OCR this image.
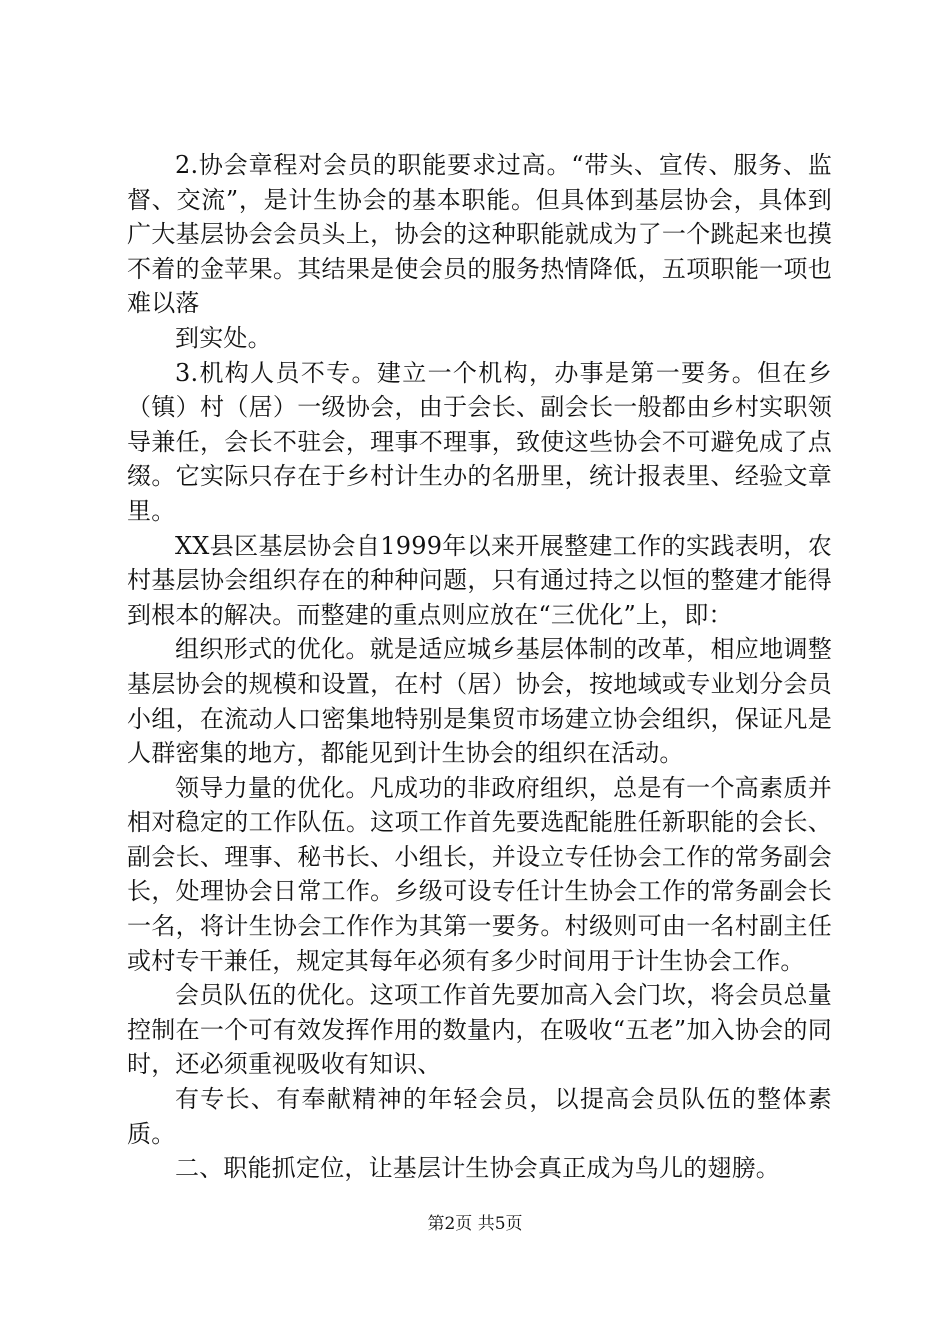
2.协会章程对会员的职能要求过高。“带头、宣传、服务、监督、交流”，是计生协会的基本职能。但具体到基层协会，具体到广大基层协会会员头上，协会的这种职能就成为了一个跳起来也摸不着的金苹果。其结果是使会员的服务热情降低，五项职能一项也难以落

到实处。

3.机构人员不专。建立一个机构，办事是第一要务。但在乡（镇）村（居）一级协会，由于会长、副会长一般都由乡村实职领导兼任，会长不驻会，理事不理事，致使这些协会不可避免成了点缀。它实际只存在于乡村计生办的名册里，统计报表里、经验文章里。

XX县区基层协会自1999年以来开展整建工作的实践表明，农村基层协会组织存在的种种问题，只有通过持之以恒的整建才能得到根本的解决。而整建的重点则应放在“三优化”上，即：

组织形式的优化。就是适应城乡基层体制的改革，相应地调整基层协会的规模和设置，在村（居）协会，按地域或专业划分会员小组，在流动人口密集地特别是集贸市场建立协会组织，保证凡是人群密集的地方，都能见到计生协会的组织在活动。

领导力量的优化。凡成功的非政府组织，总是有一个高素质并相对稳定的工作队伍。这项工作首先要选配能胜任新职能的会长、副会长、理事、秘书长、小组长，并设立专任协会工作的常务副会长，处理协会日常工作。乡级可设专任计生协会工作的常务副会长一名，将计生协会工作作为其第一要务。村级则可由一名村副主任或村专干兼任，规定其每年必须有多少时间用于计生协会工作。

会员队伍的优化。这项工作首先要加高入会门坎，将会员总量控制在一个可有效发挥作用的数量内，在吸收“五老”加入协会的同时，还必须重视吸收有知识、

有专长、有奉献精神的年轻会员，以提高会员队伍的整体素质。

二、职能抓定位，让基层计生协会真正成为鸟儿的翅膀。

第2页 共5页
